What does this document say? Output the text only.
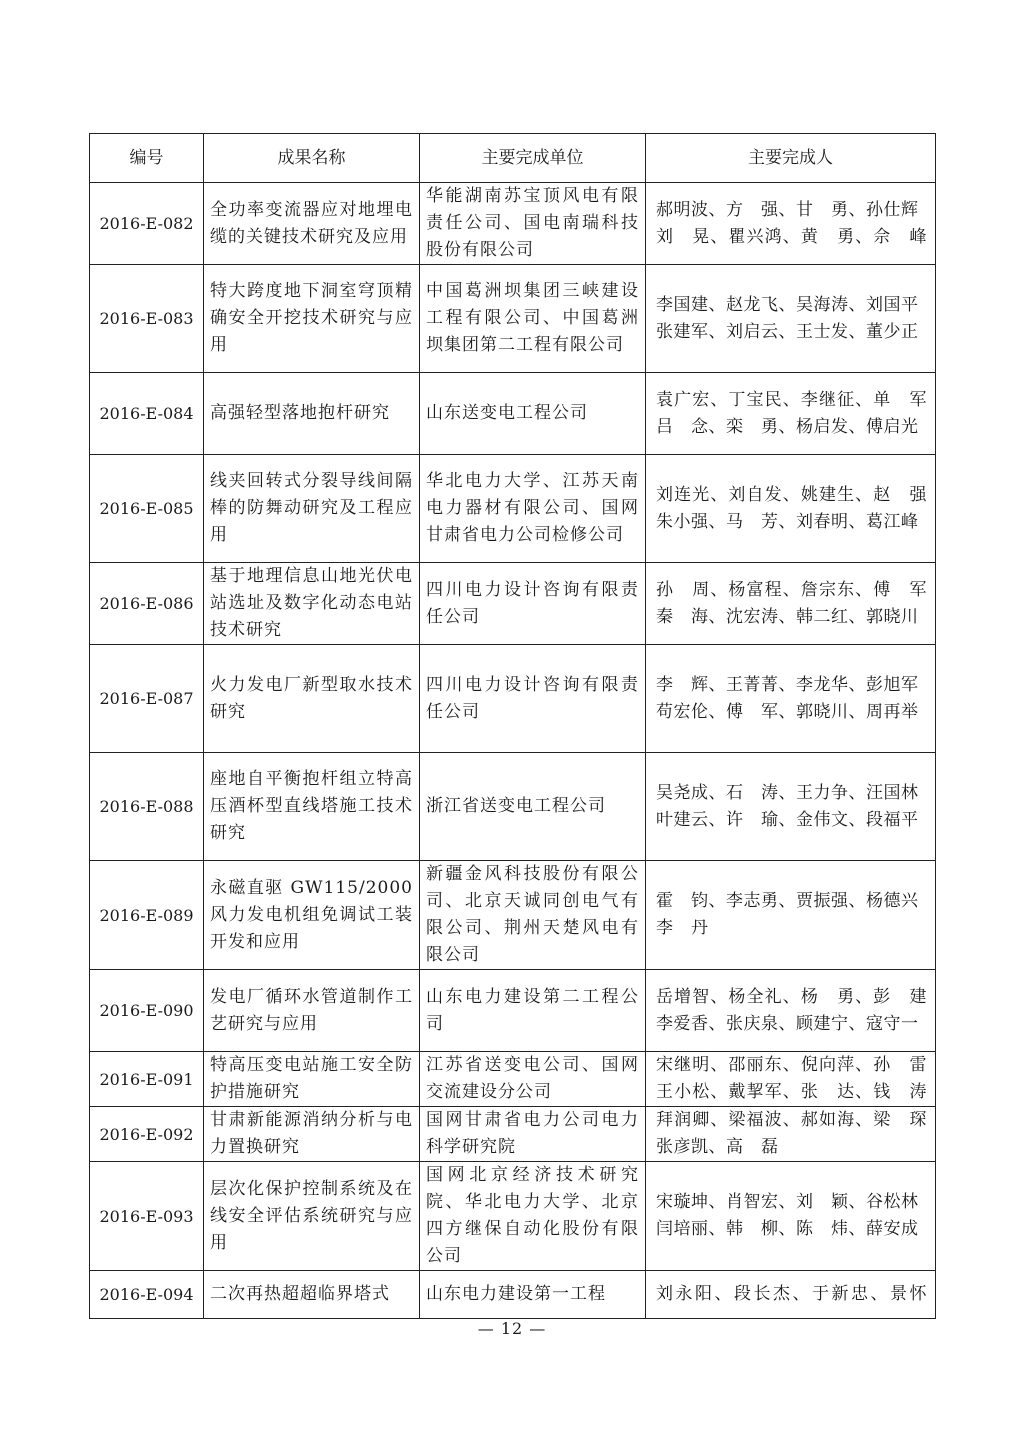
编号	成果名称	主要完成单位	主要完成人
2016-E-082	全功率变流器应对地埋电缆的关键技术研究及应用	华能湖南苏宝顶风电有限责任公司、国电南瑞科技股份有限公司	郝明波、方　强、甘　勇、孙仕辉
刘　晃、瞿兴鸿、黄　勇、佘　峰

2016-E-083	特大跨度地下洞室穹顶精确安全开挖技术研究与应用	中国葛洲坝集团三峡建设工程有限公司、中国葛洲坝集团第二工程有限公司	李国建、赵龙飞、吴海涛、刘国平
张建军、刘启云、王士发、董少正

2016-E-084	高强轻型落地抱杆研究	山东送变电工程公司	袁广宏、丁宝民、李继征、单　军
吕　念、栾　勇、杨启发、傅启光

2016-E-085	线夹回转式分裂导线间隔棒的防舞动研究及工程应用	华北电力大学、江苏天南电力器材有限公司、国网甘肃省电力公司检修公司	刘连光、刘自发、姚建生、赵　强
朱小强、马　芳、刘春明、葛江峰

2016-E-086	基于地理信息山地光伏电站选址及数字化动态电站技术研究	四川电力设计咨询有限责任公司	孙　周、杨富程、詹宗东、傅　军
秦　海、沈宏涛、韩二红、郭晓川

2016-E-087	火力发电厂新型取水技术研究	四川电力设计咨询有限责任公司	李　辉、王菁菁、李龙华、彭旭军
苟宏伦、傅　军、郭晓川、周再举

2016-E-088	座地自平衡抱杆组立特高压酒杯型直线塔施工技术研究	浙江省送变电工程公司	吴尧成、石　涛、王力争、汪国林
叶建云、许　瑜、金伟文、段福平

2016-E-089	永磁直驱 GW115/2000 风力发电机组免调试工装开发和应用	新疆金风科技股份有限公司、北京天诚同创电气有限公司、荆州天楚风电有限公司	霍　钧、李志勇、贾振强、杨德兴
李　丹

2016-E-090	发电厂循环水管道制作工艺研究与应用	山东电力建设第二工程公司	岳增智、杨全礼、杨　勇、彭　建
李爱香、张庆泉、顾建宁、寇守一

2016-E-091	特高压变电站施工安全防护措施研究	江苏省送变电公司、国网交流建设分公司	宋继明、邵丽东、倪向萍、孙　雷
王小松、戴挈军、张　达、钱　涛

2016-E-092	甘肃新能源消纳分析与电力置换研究	国网甘肃省电力公司电力科学研究院	拜润卿、梁福波、郝如海、梁　琛
张彦凯、高　磊

2016-E-093	层次化保护控制系统及在线安全评估系统研究与应用	国网北京经济技术研究院、华北电力大学、北京四方继保自动化股份有限公司	宋璇坤、肖智宏、刘　颖、谷松林
闫培丽、韩　柳、陈　炜、薛安成

2016-E-094	二次再热超超临界塔式	山东电力建设第一工程	刘永阳、段长杰、于新忠、景怀
— 12 —
